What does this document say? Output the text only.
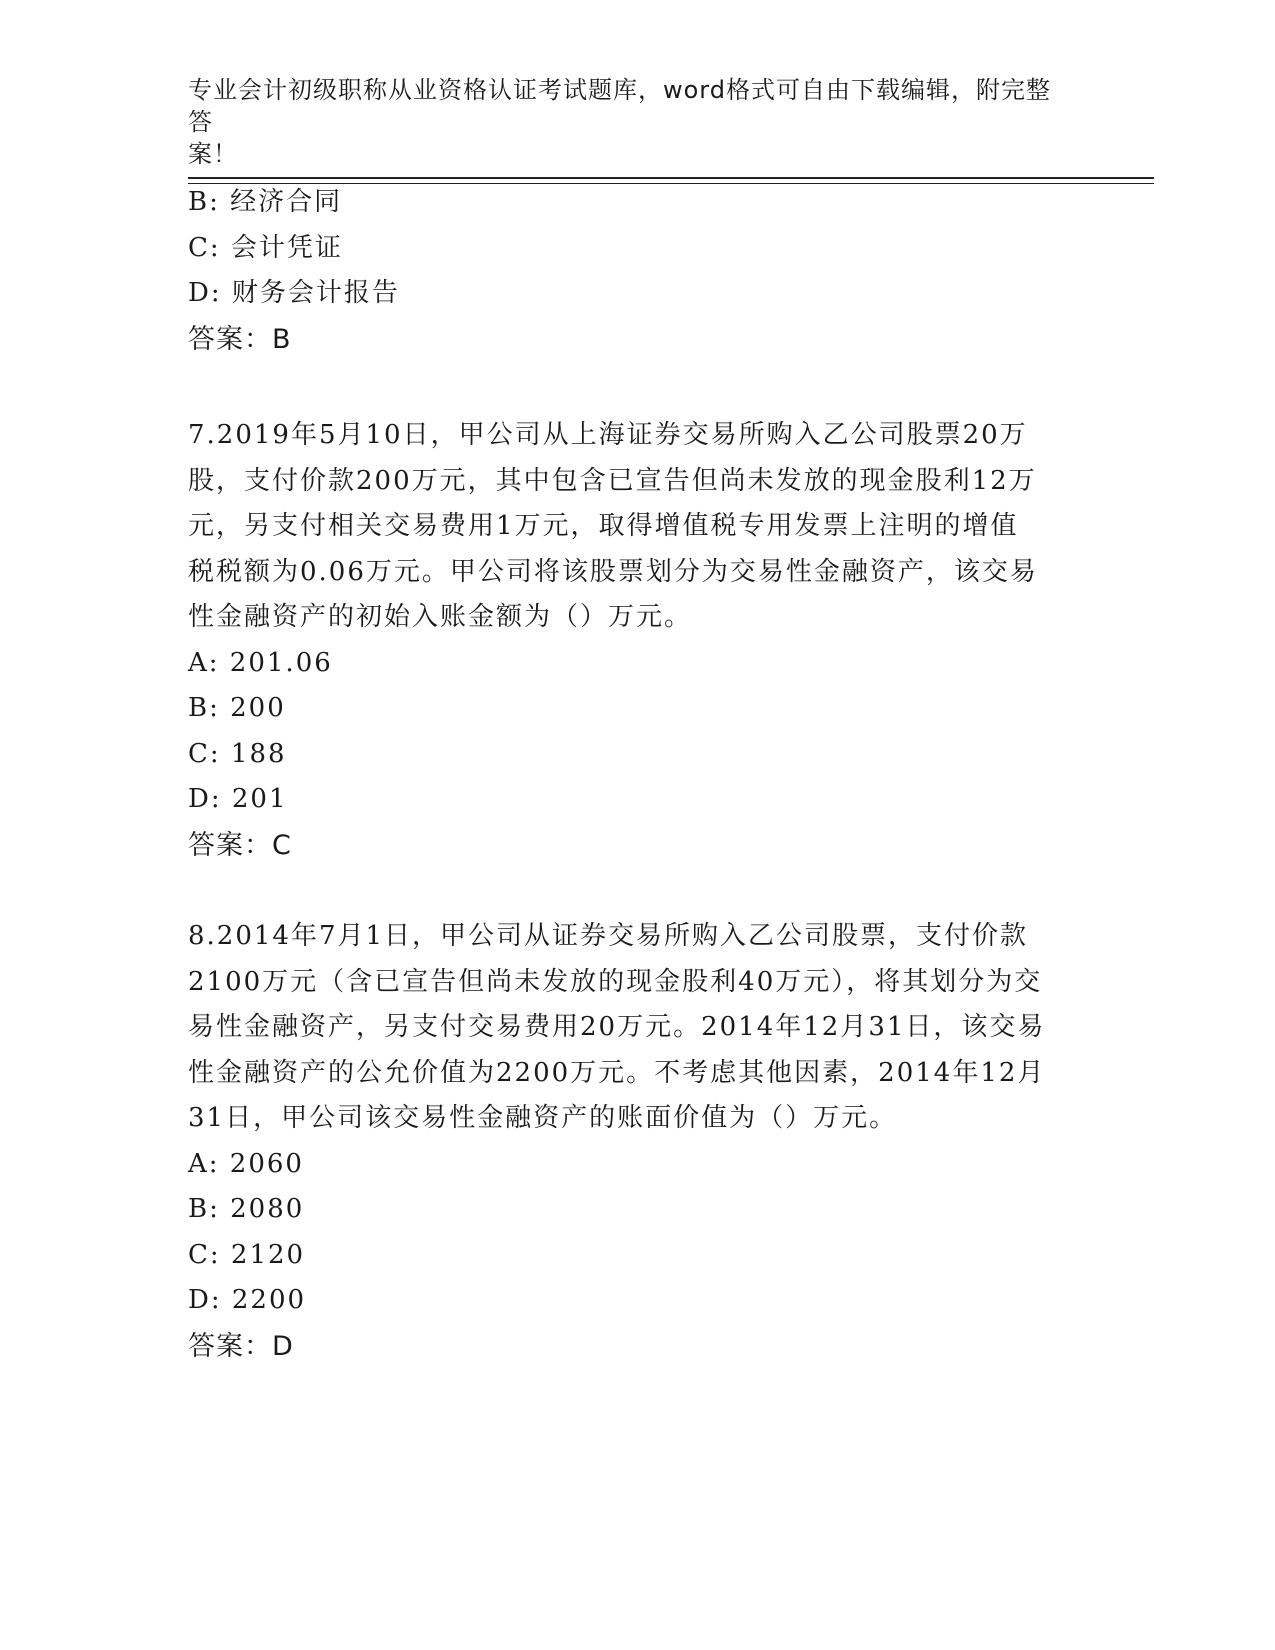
专业会计初级职称从业资格认证考试题库，word格式可自由下载编辑，附完整答
案！
B: 经济合同
C: 会计凭证
D: 财务会计报告
答案：B
7.2019年5月10日，甲公司从上海证券交易所购入乙公司股票20万
股，支付价款200万元，其中包含已宣告但尚未发放的现金股利12万
元，另支付相关交易费用1万元，取得增值税专用发票上注明的增值
税税额为0.06万元。甲公司将该股票划分为交易性金融资产，该交易
性金融资产的初始入账金额为（）万元。
A: 201.06
B: 200
C: 188
D: 201
答案：C
8.2014年7月1日，甲公司从证券交易所购入乙公司股票，支付价款
2100万元（含已宣告但尚未发放的现金股利40万元），将其划分为交
易性金融资产，另支付交易费用20万元。2014年12月31日，该交易
性金融资产的公允价值为2200万元。不考虑其他因素，2014年12月
31日，甲公司该交易性金融资产的账面价值为（）万元。
A: 2060
B: 2080
C: 2120
D: 2200
答案：D
